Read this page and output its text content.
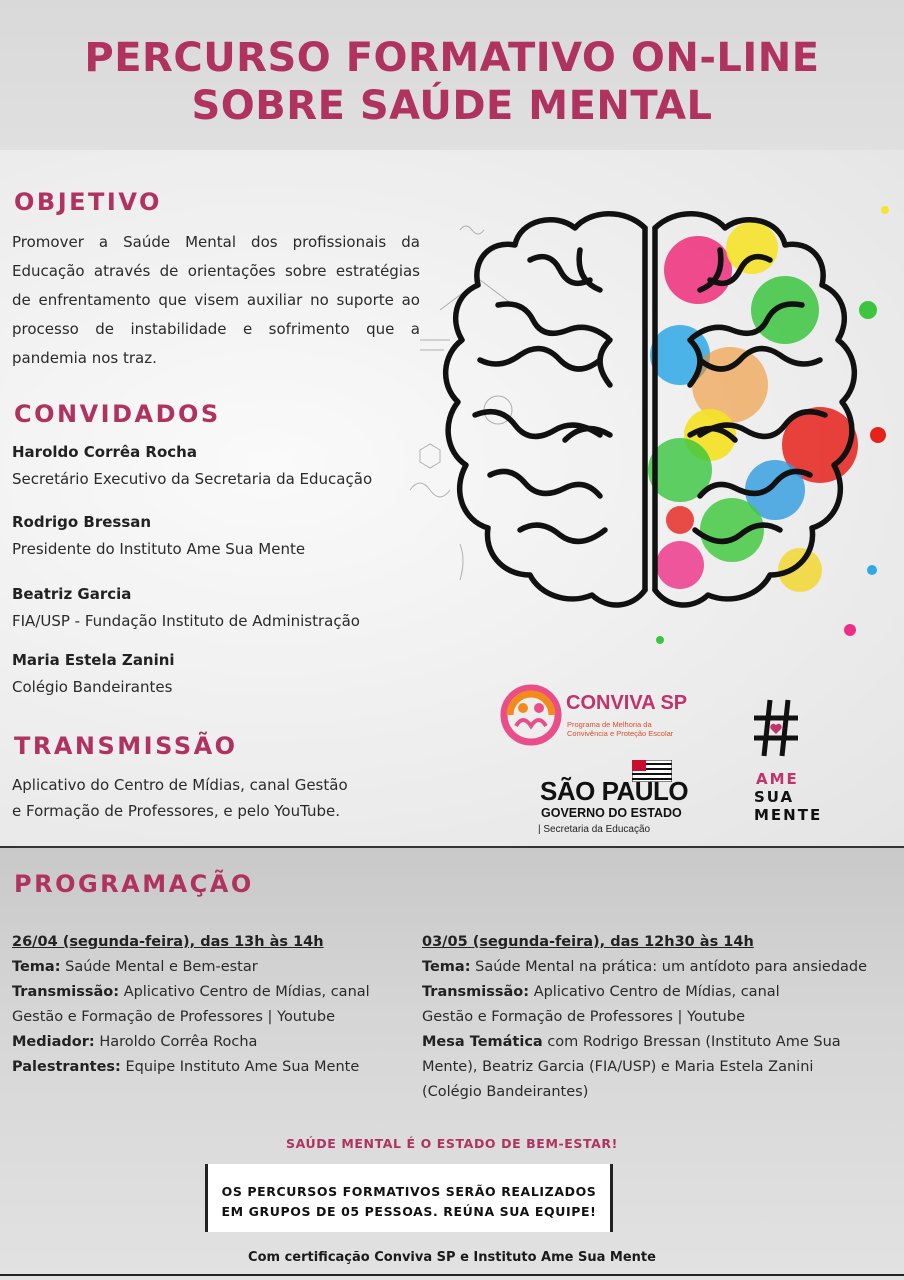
PERCURSO FORMATIVO ON-LINE
SOBRE SAÚDE MENTAL
OBJETIVO
Promover a Saúde Mental dos profissionais da Educação através de orientações sobre estratégias de enfrentamento que visem auxiliar no suporte ao processo de instabilidade e sofrimento que a pandemia nos traz.
CONVIDADOS
Haroldo Corrêa Rocha
Secretário Executivo da Secretaria da Educação
Rodrigo Bressan
Presidente do Instituto Ame Sua Mente
Beatriz Garcia
FIA/USP - Fundação Instituto de Administração
Maria Estela Zanini
Colégio Bandeirantes
TRANSMISSÃO
Aplicativo do Centro de Mídias, canal Gestão
e Formação de Professores, e pelo YouTube.
CONVIVA SP
Programa de Melhoria da
Convivência e Proteção Escolar
SÃO PAULO
GOVERNO DO ESTADO
| Secretaria da Educação
AME
SUA
MENTE
PROGRAMAÇÃO
26/04 (segunda-feira), das 13h às 14h
Tema: Saúde Mental e Bem-estar
Transmissão: Aplicativo Centro de Mídias, canal
Gestão e Formação de Professores | Youtube
Mediador: Haroldo Corrêa Rocha
Palestrantes: Equipe Instituto Ame Sua Mente
03/05 (segunda-feira), das 12h30 às 14h
Tema: Saúde Mental na prática: um antídoto para ansiedade
Transmissão: Aplicativo Centro de Mídias, canal
Gestão e Formação de Professores | Youtube
Mesa Temática com Rodrigo Bressan (Instituto Ame Sua
Mente), Beatriz Garcia (FIA/USP) e Maria Estela Zanini
(Colégio Bandeirantes)
SAÚDE MENTAL É O ESTADO DE BEM-ESTAR!
OS PERCURSOS FORMATIVOS SERÃO REALIZADOS
EM GRUPOS DE 05 PESSOAS. REÚNA SUA EQUIPE!
Com certificação Conviva SP e Instituto Ame Sua Mente
